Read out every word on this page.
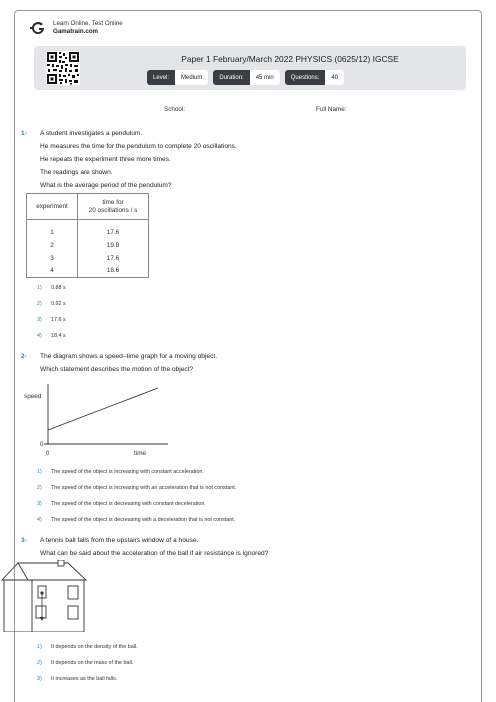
Learn Online, Test Online
Gamatrain.com
Paper 1 February/March 2022 PHYSICS (0625/12) IGCSE
Level:	Medium	Duration:	45 min	Questions:	40
School:	Full Name:
1- A student investigates a pendulum.
He measures the time for the pendulum to complete 20 oscillations.
He repeats the experiment three more times.
The readings are shown.
What is the average period of the pendulum?
experiment	time for
20 oscillations / s

1	17.6
2	19.8
3	17.6
4	18.6
1) 0.88 s
2) 0.92 s
3) 17.6 s
4) 18.4 s
2- The diagram shows a speed–time graph for a moving object.
Which statement describes the motion of the object?
speed
0
0	time
1) The speed of the object is increasing with constant acceleration.
2) The speed of the object is increasing with an acceleration that is not constant.
3) The speed of the object is decreasing with constant deceleration.
4) The speed of the object is decreasing with a deceleration that is not constant.
3- A tennis ball falls from the upstairs window of a house.
What can be said about the acceleration of the ball if air resistance is ignored?
1) It depends on the density of the ball.
2) It depends on the mass of the ball.
3) It increases as the ball falls.
